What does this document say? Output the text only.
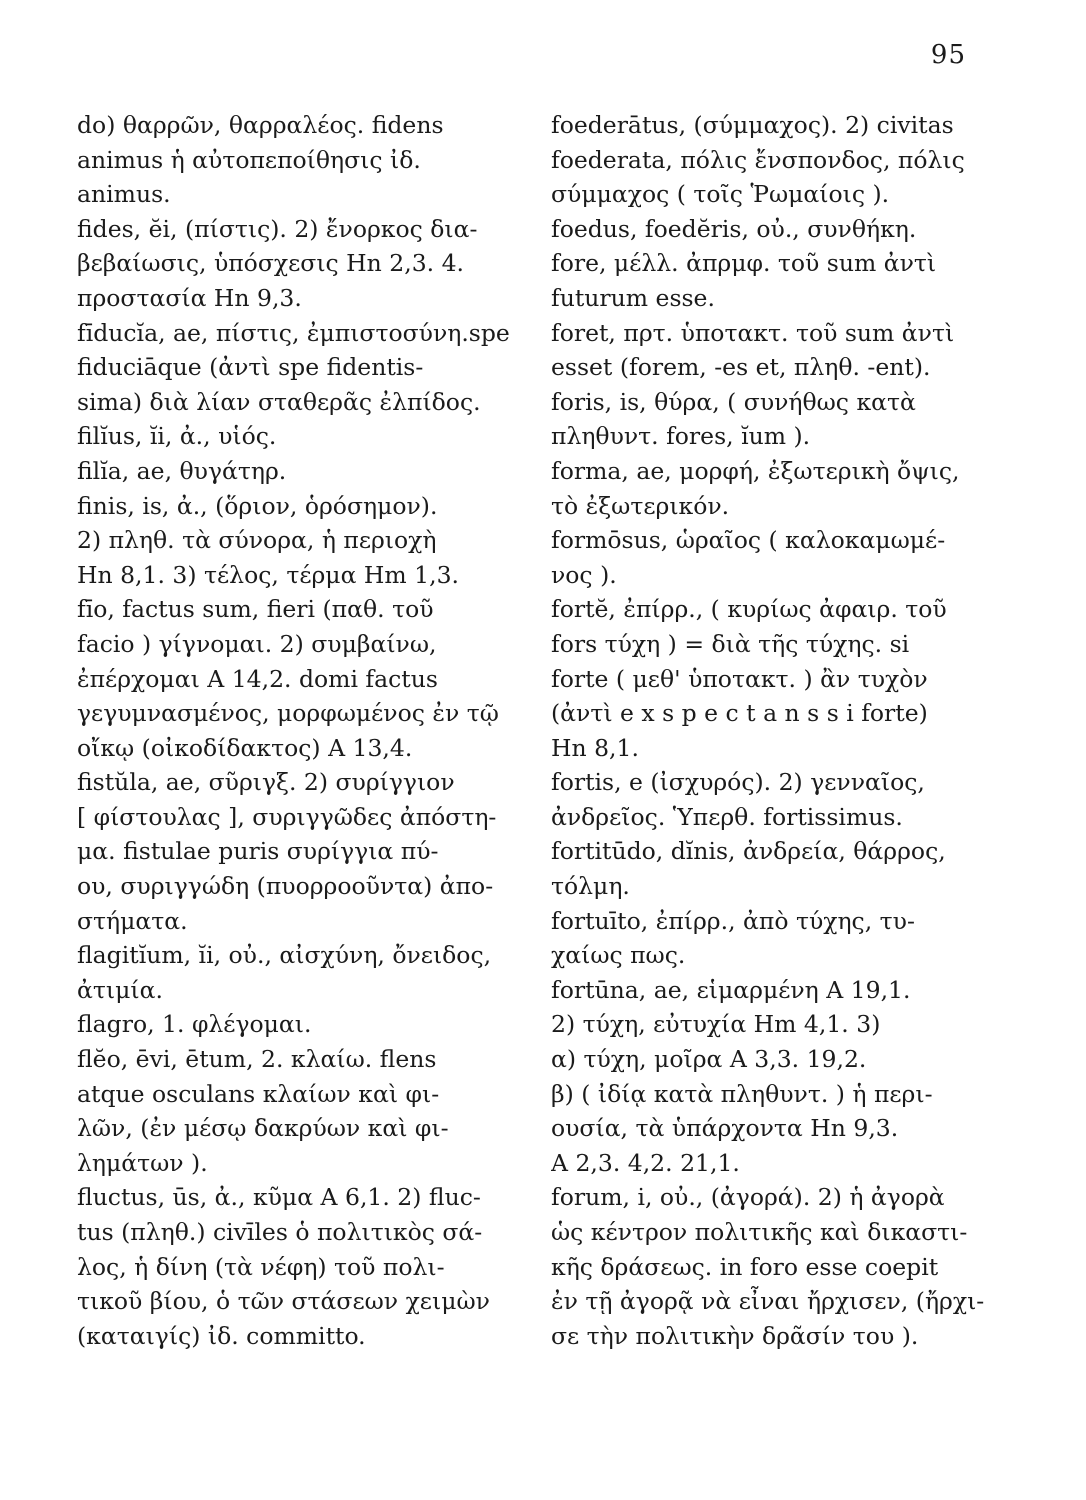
95
do) θαρρῶν, θαρραλέος. fidens
animus ἡ αὐτοπεποίθησις ἰδ.
animus.
fides, ĕi, (πίστις). 2) ἔνορκος δια-
βεβαίωσις, ὑπόσχεσις Hn 2,3. 4.
προστασία Hn 9,3.
fīducĭa, ae, πίστις, ἐμπιστοσύνη.spe
fiduciāque (ἀντὶ spe fidentis-
sima) διὰ λίαν σταθερᾶς ἐλπίδος.
filĭus, ĭi, ἀ., υἱός.
filĭa, ae, θυγάτηρ.
finis, is, ἀ., (ὅριον, ὁρόσημον).
2) πληθ. τὰ σύνορα, ἡ περιοχὴ
Hn 8,1. 3) τέλος, τέρμα Hm 1,3.
fīo, factus sum, fieri (παθ. τοῦ
facio ) γίγνομαι. 2) συμβαίνω,
ἐπέρχομαι A 14,2. domi factus
γεγυμνασμένος, μορφωμένος ἐν τῷ
οἴκῳ (οἰκοδίδακτος) A 13,4.
fistŭla, ae, σῦριγξ. 2) συρίγγιον
[ φίστουλας ], συριγγῶδες ἀπόστη-
μα. fistulae puris συρίγγια πύ-
ου, συριγγώδη (πυορροοῦντα) ἀπο-
στήματα.
flagitĭum, ĭi, οὐ., αἰσχύνη, ὄνειδος,
ἀτιμία.
flagro, 1. φλέγομαι.
flĕo, ēvi, ētum, 2. κλαίω. flens
atque osculans κλαίων καὶ φι-
λῶν, (ἐν μέσῳ δακρύων καὶ φι-
λημάτων ).
fluctus, ūs, ἀ., κῦμα A 6,1. 2) fluc-
tus (πληθ.) civīles ὁ πολιτικὸς σά-
λος, ἡ δίνη (τὰ νέφη) τοῦ πολι-
τικοῦ βίου, ὁ τῶν στάσεων χειμὼν
(καταιγίς) ἰδ. committo.
foederātus, (σύμμαχος). 2) civitas
foederata, πόλις ἔνσπονδος, πόλις
σύμμαχος ( τοῖς Ῥωμαίοις ).
foedus, foedĕris, οὐ., συνθήκη.
fore, μέλλ. ἀπρμφ. τοῦ sum ἀντὶ
futurum esse.
foret, πρτ. ὑποτακτ. τοῦ sum ἀντὶ
esset (forem, -es et, πληθ. -ent).
foris, is, θύρα, ( συνήθως κατὰ
πληθυντ. fores, ĭum ).
forma, ae, μορφή, ἐξωτερικὴ ὄψις,
τὸ ἐξωτερικόν.
formōsus, ὡραῖος ( καλοκαμωμέ-
νος ).
fortĕ, ἐπίρρ., ( κυρίως ἀφαιρ. τοῦ
fors τύχη ) = διὰ τῆς τύχης. si
forte ( μεθ' ὑποτακτ. ) ἂν τυχὸν
(ἀντὶ e x s p e c t a n s s i forte)
Hn 8,1.
fortis, e (ἰσχυρός). 2) γενναῖος,
ἀνδρεῖος. Ὑπερθ. fortissimus.
fortitūdo, dĭnis, ἀνδρεία, θάρρος,
τόλμη.
fortuīto, ἐπίρρ., ἀπὸ τύχης, τυ-
χαίως πως.
fortūna, ae, εἱμαρμένη A 19,1.
2) τύχη, εὐτυχία Hm 4,1. 3)
α) τύχη, μοῖρα A 3,3. 19,2.
β) ( ἰδίᾳ κατὰ πληθυντ. ) ἡ περι-
ουσία, τὰ ὑπάρχοντα Hn 9,3.
A 2,3. 4,2. 21,1.
forum, i, οὐ., (ἀγορά). 2) ἡ ἀγορὰ
ὡς κέντρον πολιτικῆς καὶ δικαστι-
κῆς δράσεως. in foro esse coepit
ἐν τῇ ἀγορᾷ νὰ εἶναι ἤρχισεν, (ἤρχι-
σε τὴν πολιτικὴν δρᾶσίν του ).
